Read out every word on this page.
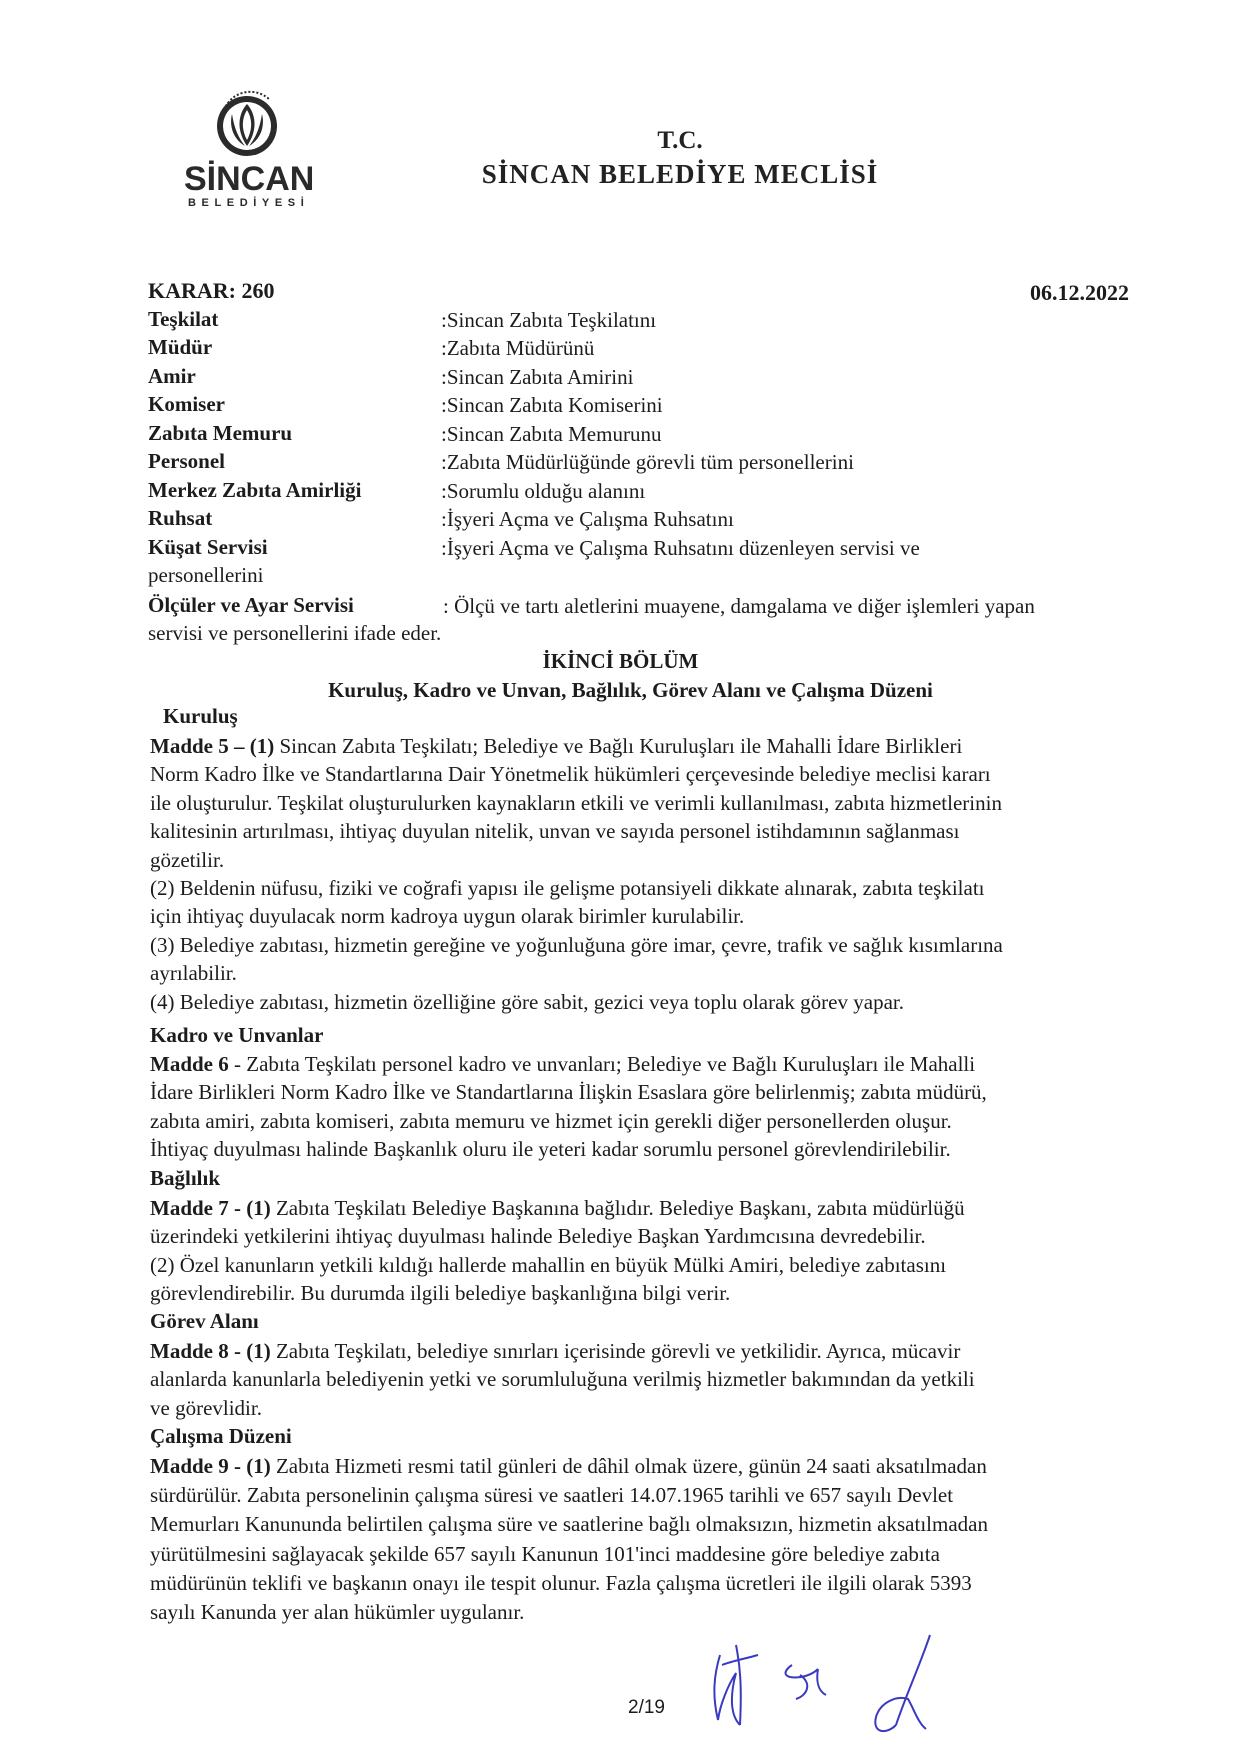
SİNCAN
BELEDİYESİ
T.C.
SİNCAN BELEDİYE MECLİSİ
KARAR: 260	06.12.2022
Teşkilat	:Sincan Zabıta Teşkilatını
Müdür	:Zabıta Müdürünü
Amir	:Sincan Zabıta Amirini
Komiser	:Sincan Zabıta Komiserini
Zabıta Memuru	:Sincan Zabıta Memurunu
Personel	:Zabıta Müdürlüğünde görevli tüm personellerini
Merkez Zabıta Amirliği	:Sorumlu olduğu alanını
Ruhsat	:İşyeri Açma ve Çalışma Ruhsatını
Küşat Servisi	:İşyeri Açma ve Çalışma Ruhsatını düzenleyen servisi ve
personellerini
Ölçüler ve Ayar Servisi	: Ölçü ve tartı aletlerini muayene, damgalama ve diğer işlemleri yapan
servisi ve personellerini ifade eder.
İKİNCİ BÖLÜM
Kuruluş, Kadro ve Unvan, Bağlılık, Görev Alanı ve Çalışma Düzeni
Kuruluş
Madde 5 – (1) Sincan Zabıta Teşkilatı; Belediye ve Bağlı Kuruluşları ile Mahalli İdare Birlikleri
Norm Kadro İlke ve Standartlarına Dair Yönetmelik hükümleri çerçevesinde belediye meclisi kararı
ile oluşturulur. Teşkilat oluşturulurken kaynakların etkili ve verimli kullanılması, zabıta hizmetlerinin
kalitesinin artırılması, ihtiyaç duyulan nitelik, unvan ve sayıda personel istihdamının sağlanması
gözetilir.
(2) Beldenin nüfusu, fiziki ve coğrafi yapısı ile gelişme potansiyeli dikkate alınarak, zabıta teşkilatı
için ihtiyaç duyulacak norm kadroya uygun olarak birimler kurulabilir.
(3) Belediye zabıtası, hizmetin gereğine ve yoğunluğuna göre imar, çevre, trafik ve sağlık kısımlarına
ayrılabilir.
(4) Belediye zabıtası, hizmetin özelliğine göre sabit, gezici veya toplu olarak görev yapar.
Kadro ve Unvanlar
Madde 6 - Zabıta Teşkilatı personel kadro ve unvanları; Belediye ve Bağlı Kuruluşları ile Mahalli
İdare Birlikleri Norm Kadro İlke ve Standartlarına İlişkin Esaslara göre belirlenmiş; zabıta müdürü,
zabıta amiri, zabıta komiseri, zabıta memuru ve hizmet için gerekli diğer personellerden oluşur.
İhtiyaç duyulması halinde Başkanlık oluru ile yeteri kadar sorumlu personel görevlendirilebilir.
Bağlılık
Madde 7 - (1) Zabıta Teşkilatı Belediye Başkanına bağlıdır. Belediye Başkanı, zabıta müdürlüğü
üzerindeki yetkilerini ihtiyaç duyulması halinde Belediye Başkan Yardımcısına devredebilir.
(2) Özel kanunların yetkili kıldığı hallerde mahallin en büyük Mülki Amiri, belediye zabıtasını
görevlendirebilir. Bu durumda ilgili belediye başkanlığına bilgi verir.
Görev Alanı
Madde 8 - (1) Zabıta Teşkilatı, belediye sınırları içerisinde görevli ve yetkilidir. Ayrıca, mücavir
alanlarda kanunlarla belediyenin yetki ve sorumluluğuna verilmiş hizmetler bakımından da yetkili
ve görevlidir.
Çalışma Düzeni
Madde 9 - (1) Zabıta Hizmeti resmi tatil günleri de dâhil olmak üzere, günün 24 saati aksatılmadan
sürdürülür. Zabıta personelinin çalışma süresi ve saatleri 14.07.1965 tarihli ve 657 sayılı Devlet
Memurları Kanununda belirtilen çalışma süre ve saatlerine bağlı olmaksızın, hizmetin aksatılmadan
yürütülmesini sağlayacak şekilde 657 sayılı Kanunun 101'inci maddesine göre belediye zabıta
müdürünün teklifi ve başkanın onayı ile tespit olunur. Fazla çalışma ücretleri ile ilgili olarak 5393
sayılı Kanunda yer alan hükümler uygulanır.
2/19
